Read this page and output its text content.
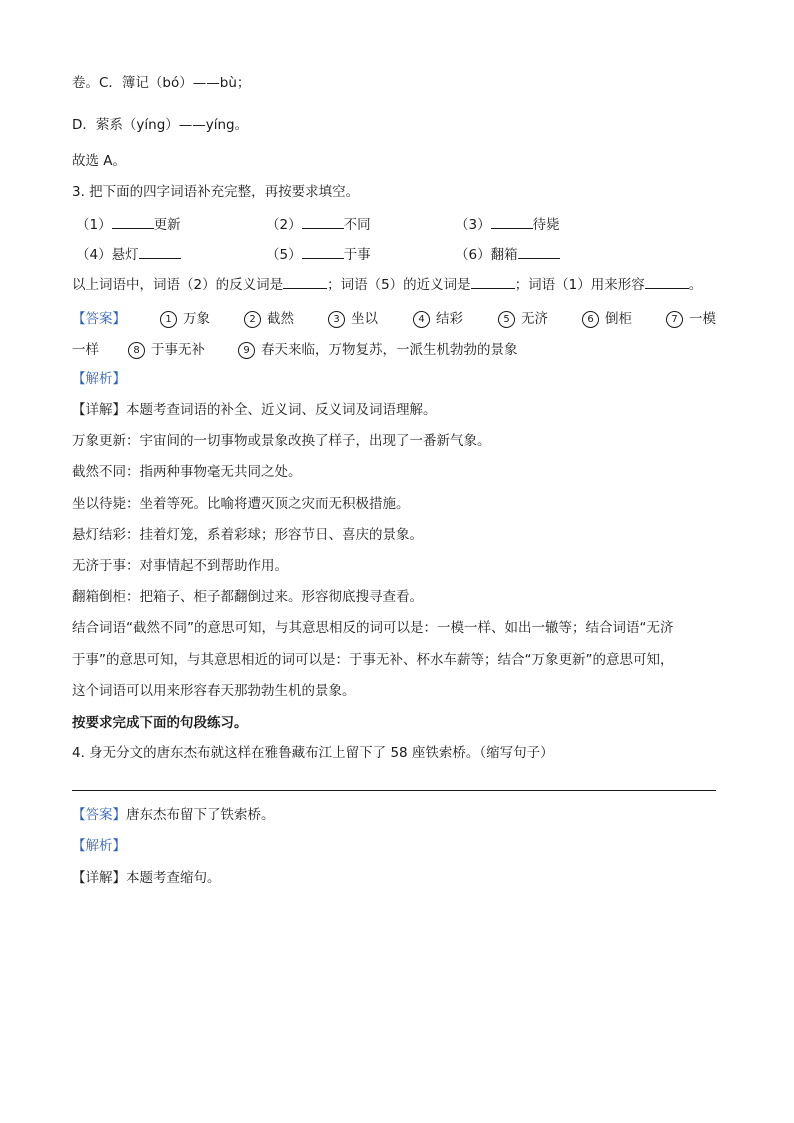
卷。C．簿记（bó）——bù；
D．萦系（yíng）——yíng。
故选 A。
3. 把下面的四字词语补充完整，再按要求填空。
（1）	更新	（2）	不同	（3）	待毙
（4）悬灯	（5）	于事	（6）翻箱
以上词语中，词语（2）的反义词是	；词语（5）的近义词是	；词语（1）用来形容	。
【答案】	1 万象	2 截然	3 坐以	4 结彩	5 无济	6 倒柜	7 一模
一样	8 于事无补	9 春天来临，万物复苏，一派生机勃勃的景象
【解析】
【详解】本题考查词语的补全、近义词、反义词及词语理解。
万象更新：宇宙间的一切事物或景象改换了样子，出现了一番新气象。
截然不同：指两种事物毫无共同之处。
坐以待毙：坐着等死。比喻将遭灭顶之灾而无积极措施。
悬灯结彩：挂着灯笼，系着彩球；形容节日、喜庆的景象。
无济于事：对事情起不到帮助作用。
翻箱倒柜：把箱子、柜子都翻倒过来。形容彻底搜寻查看。
结合词语“截然不同”的意思可知，与其意思相反的词可以是：一模一样、如出一辙等；结合词语“无济
于事”的意思可知，与其意思相近的词可以是：于事无补、杯水车薪等；结合“万象更新”的意思可知，
这个词语可以用来形容春天那勃勃生机的景象。
按要求完成下面的句段练习。
4. 身无分文的唐东杰布就这样在雅鲁藏布江上留下了 58 座铁索桥。（缩写句子）
【答案】唐东杰布留下了铁索桥。
【解析】
【详解】本题考查缩句。
